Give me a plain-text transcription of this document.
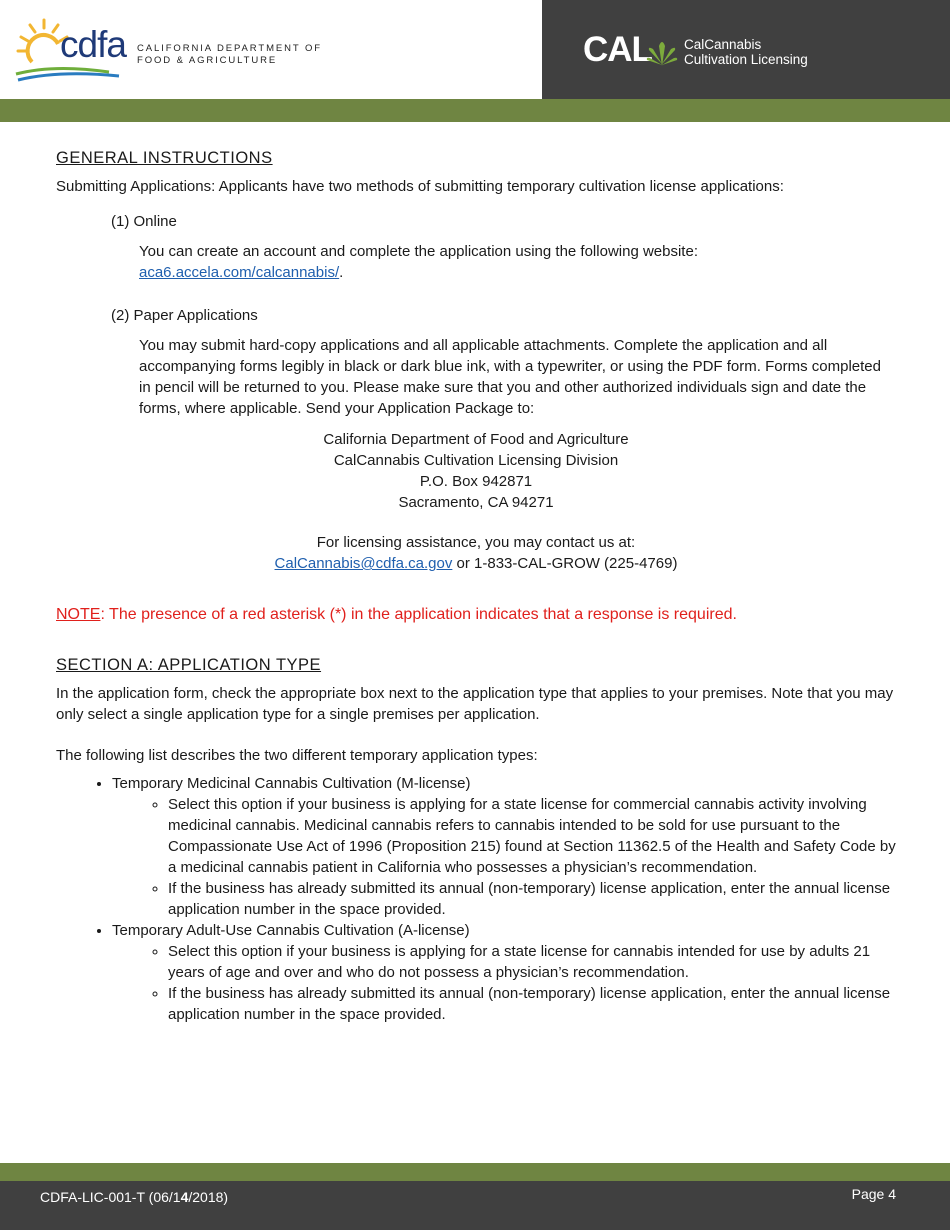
cdfa CALIFORNIA DEPARTMENT OF
FOOD & AGRICULTURE	CAL CalCannabis
Cultivation Licensing
GENERAL INSTRUCTIONS

Submitting Applications: Applicants have two methods of submitting temporary cultivation license applications:

(1) Online
You can create an account and complete the application using the following website:
aca6.accela.com/calcannabis/.
(2) Paper Applications
You may submit hard-copy applications and all applicable attachments. Complete the application and all accompanying forms legibly in black or dark blue ink, with a typewriter, or using the PDF form. Forms completed in pencil will be returned to you. Please make sure that you and other authorized individuals sign and date the forms, where applicable. Send your Application Package to:
California Department of Food and Agriculture
CalCannabis Cultivation Licensing Division
P.O. Box 942871
Sacramento, CA 94271
For licensing assistance, you may contact us at:
CalCannabis@cdfa.ca.gov or 1-833-CAL-GROW (225-4769)

NOTE: The presence of a red asterisk (*) in the application indicates that a response is required.

SECTION A: APPLICATION TYPE

In the application form, check the appropriate box next to the application type that applies to your premises. Note that you may only select a single application type for a single premises per application.

The following list describes the two different temporary application types:

• Temporary Medicinal Cannabis Cultivation (M-license)
◦ Select this option if your business is applying for a state license for commercial cannabis activity involving medicinal cannabis. Medicinal cannabis refers to cannabis intended to be sold for use pursuant to the Compassionate Use Act of 1996 (Proposition 215) found at Section 11362.5 of the Health and Safety Code by a medicinal cannabis patient in California who possesses a physician’s recommendation.
◦ If the business has already submitted its annual (non-temporary) license application, enter the annual license application number in the space provided.
• Temporary Adult-Use Cannabis Cultivation (A-license)
◦ Select this option if your business is applying for a state license for cannabis intended for use by adults 21 years of age and over and who do not possess a physician’s recommendation.
◦ If the business has already submitted its annual (non-temporary) license application, enter the annual license application number in the space provided.
CDFA-LIC-001-T (06/14/2018)	Page 4
